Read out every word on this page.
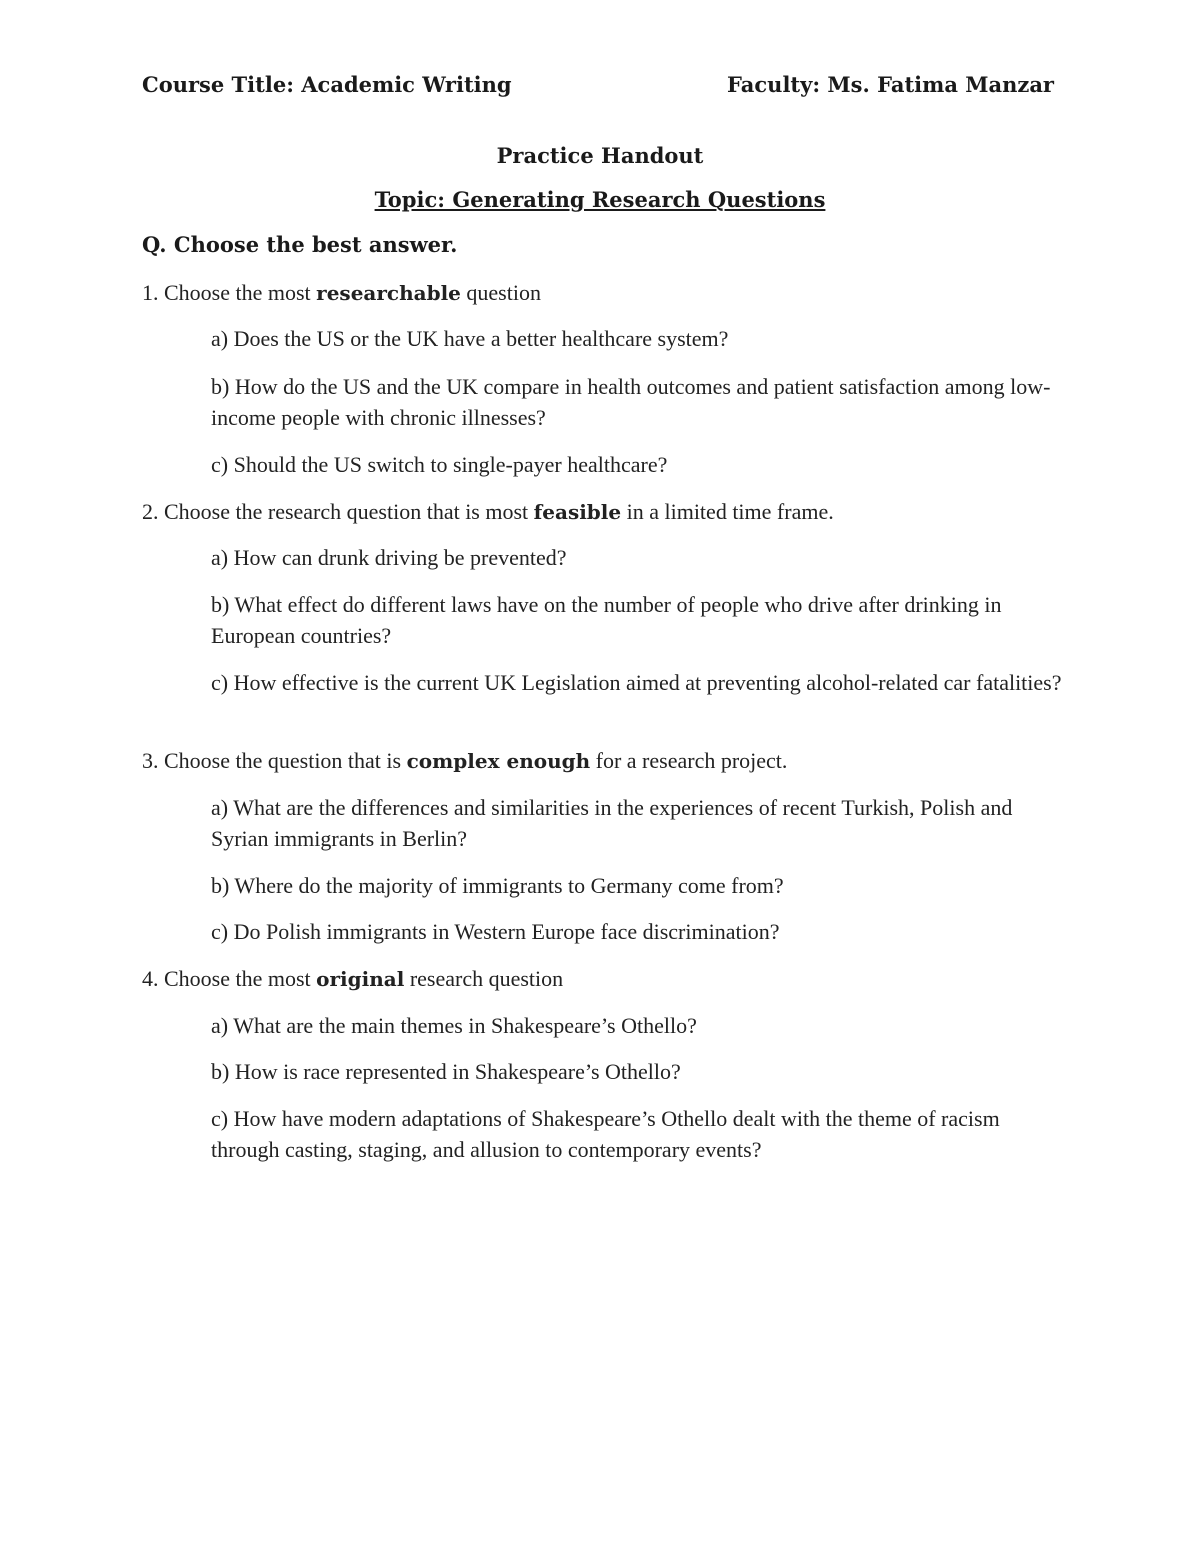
Course Title: Academic Writing	Faculty: Ms. Fatima Manzar
Practice Handout
Topic: Generating Research Questions
Q. Choose the best answer.
1. Choose the most researchable question
a) Does the US or the UK have a better healthcare system?
b) How do the US and the UK compare in health outcomes and patient satisfaction among low-income people with chronic illnesses?
c) Should the US switch to single-payer healthcare?
2. Choose the research question that is most feasible in a limited time frame.
a) How can drunk driving be prevented?
b) What effect do different laws have on the number of people who drive after drinking in European countries?
c) How effective is the current UK Legislation aimed at preventing alcohol-related car fatalities?
3. Choose the question that is complex enough for a research project.
a) What are the differences and similarities in the experiences of recent Turkish, Polish and Syrian immigrants in Berlin?
b) Where do the majority of immigrants to Germany come from?
c) Do Polish immigrants in Western Europe face discrimination?
4. Choose the most original research question
a) What are the main themes in Shakespeare’s Othello?
b) How is race represented in Shakespeare’s Othello?
c) How have modern adaptations of Shakespeare’s Othello dealt with the theme of racism through casting, staging, and allusion to contemporary events?
